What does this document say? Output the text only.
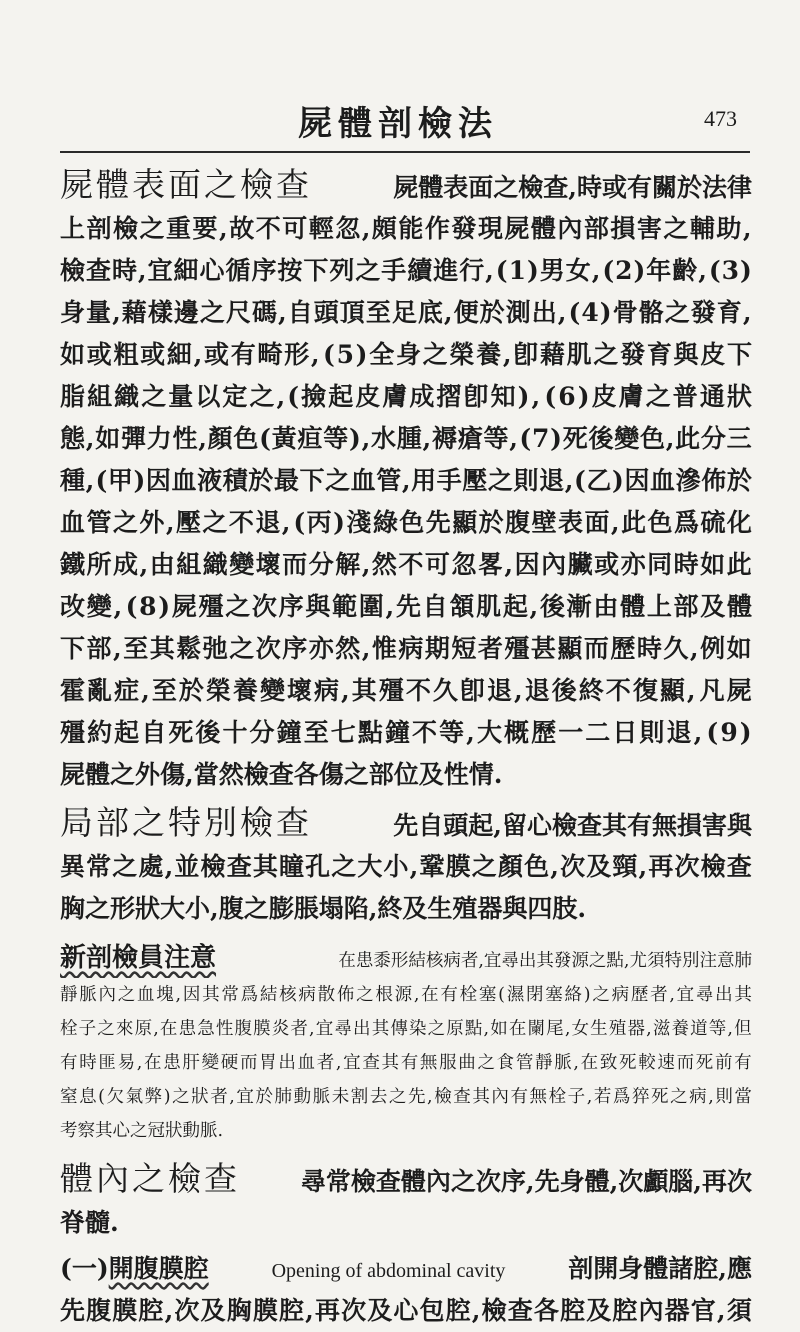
屍體剖檢法	473
屍體表面之檢查	屍體表面之檢查,時或有關於法律
上 剖 檢 之 重 要 , 故 不 可 輕 忽 , 頗 能 作 發 現 屍 體 內 部 損 害 之 輔 助 ,
檢 查 時 , 宜 細 心 循 序 按 下 列 之 手 續 進 行 , ( 1 ) 男 女 , ( 2 ) 年 齡 , ( 3 )
身 量 , 藉 樣 邊 之 尺 碼 , 自 頭 頂 至 足 底 , 便 於 測 出 , ( 4 ) 骨 骼 之 發 育 ,
如 或 粗 或 細 , 或 有 畸 形 , ( 5 ) 全 身 之 榮 養 , 卽 藉 肌 之 發 育 與 皮 下
脂 組 織 之 量 以 定 之 , ( 撿 起 皮 膚 成 摺 卽 知 ) , ( 6 ) 皮 膚 之 普 通 狀
態 , 如 彈 力 性 , 顏 色 ( 黃 疸 等 ) , 水 腫 , 褥 瘡 等 , ( 7 ) 死 後 變 色 , 此 分 三
種 , ( 甲 ) 因 血 液 積 於 最 下 之 血 管 , 用 手 壓 之 則 退 , ( 乙 ) 因 血 滲 佈 於
血 管 之 外 , 壓 之 不 退 , ( 丙 ) 淺 綠 色 先 顯 於 腹 壁 表 面 , 此 色 爲 硫 化
鐵 所 成 , 由 組 織 變 壞 而 分 解 , 然 不 可 忽 畧 , 因 內 臟 或 亦 同 時 如 此
改 變 , ( 8 ) 屍 殭 之 次 序 與 範 圍 , 先 自 頷 肌 起 , 後 漸 由 體 上 部 及 體
下 部 , 至 其 鬆 弛 之 次 序 亦 然 , 惟 病 期 短 者 殭 甚 顯 而 歷 時 久 , 例 如
霍 亂 症 , 至 於 榮 養 變 壞 病 , 其 殭 不 久 卽 退 , 退 後 終 不 復 顯 , 凡 屍
殭 約 起 自 死 後 十 分 鐘 至 七 點 鐘 不 等 , 大 概 歷 一 二 日 則 退 , ( 9 )
屍體之外傷,當然檢查各傷之部位及性情.
局部之特別檢查	先自頭起,留心檢查其有無損害與
異 常 之 處 , 並 檢 查 其 瞳 孔 之 大 小 , 鞏 膜 之 顏 色 , 次 及 頸 , 再 次 檢 查
胸之形狀大小,腹之膨脹塌陷,終及生殖器與四肢.
新剖檢員注意	在患黍形結核病者,宜尋出其發源之點,尤須特別注意肺
靜 脈 內 之 血 塊 , 因 其 常 爲 結 核 病 散 佈 之 根 源 , 在 有 栓 塞 ( 濕 閉 塞 絡 ) 之 病 歷 者 , 宜 尋 出 其
栓 子 之 來 原 , 在 患 急 性 腹 膜 炎 者 , 宜 尋 出 其 傳 染 之 原 點 , 如 在 闌 尾 , 女 生 殖 器 , 滋 養 道 等 , 但
有 時 匪 易 , 在 患 肝 變 硬 而 胃 出 血 者 , 宜 查 其 有 無 服 曲 之 食 管 靜 脈 , 在 致 死 較 速 而 死 前 有
窒 息 ( 欠 氣 弊 ) 之 狀 者 , 宜 於 肺 動 脈 未 割 去 之 先 , 檢 查 其 內 有 無 栓 子 , 若 爲 猝 死 之 病 , 則 當
考察其心之冠狀動脈.
體內之檢查 尋常檢查體內之次序,先身體,次顱腦,再次
脊髓.
(一)開腹膜腔	Opening of abdominal cavity	剖開身體諸腔,應
先 腹 膜 腔 , 次 及 胸 膜 腔 , 再 次 及 心 包 腔 , 檢 查 各 腔 及 腔 內 器 官 , 須
